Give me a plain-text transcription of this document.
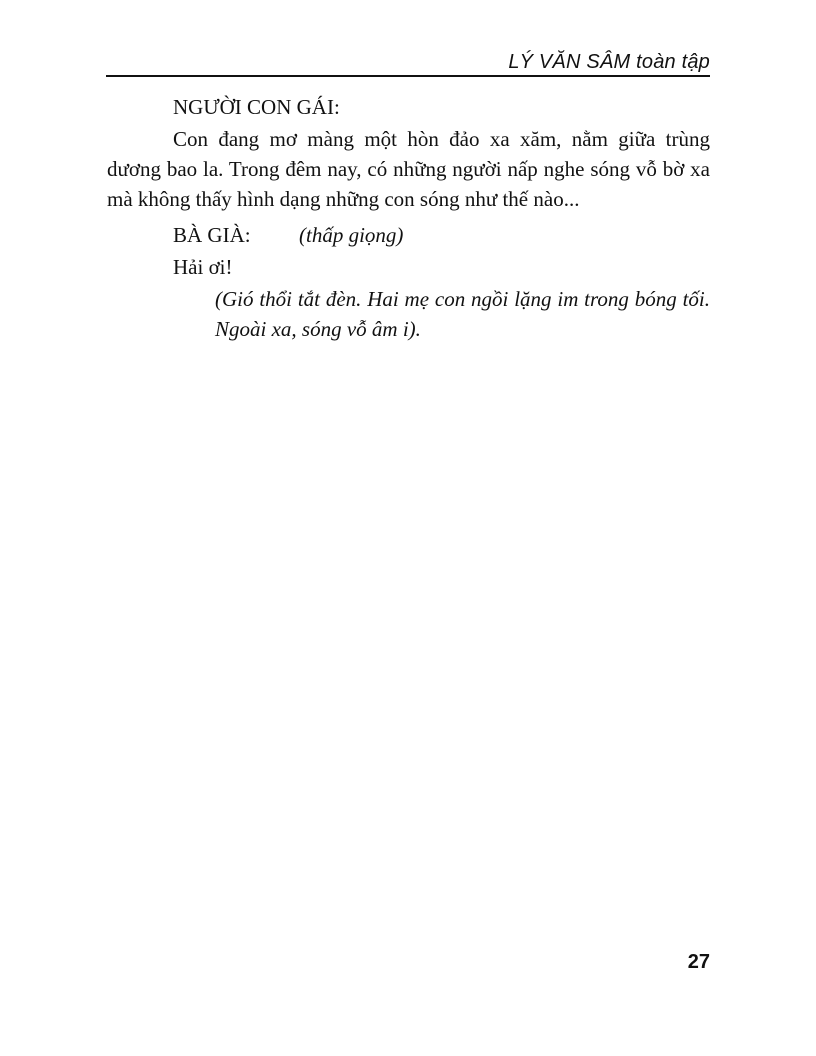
LÝ VĂN SÂM toàn tập

NGƯỜI CON GÁI:

Con đang mơ màng một hòn đảo xa xăm, nằm giữa trùng dương bao la. Trong đêm nay, có những người nấp nghe sóng vỗ bờ xa mà không thấy hình dạng những con sóng như thế nào...

BÀ GIÀ: (thấp giọng)

Hải ơi!

(Gió thổi tắt đèn. Hai mẹ con ngồi lặng im trong bóng tối. Ngoài xa, sóng vỗ âm i).

27
